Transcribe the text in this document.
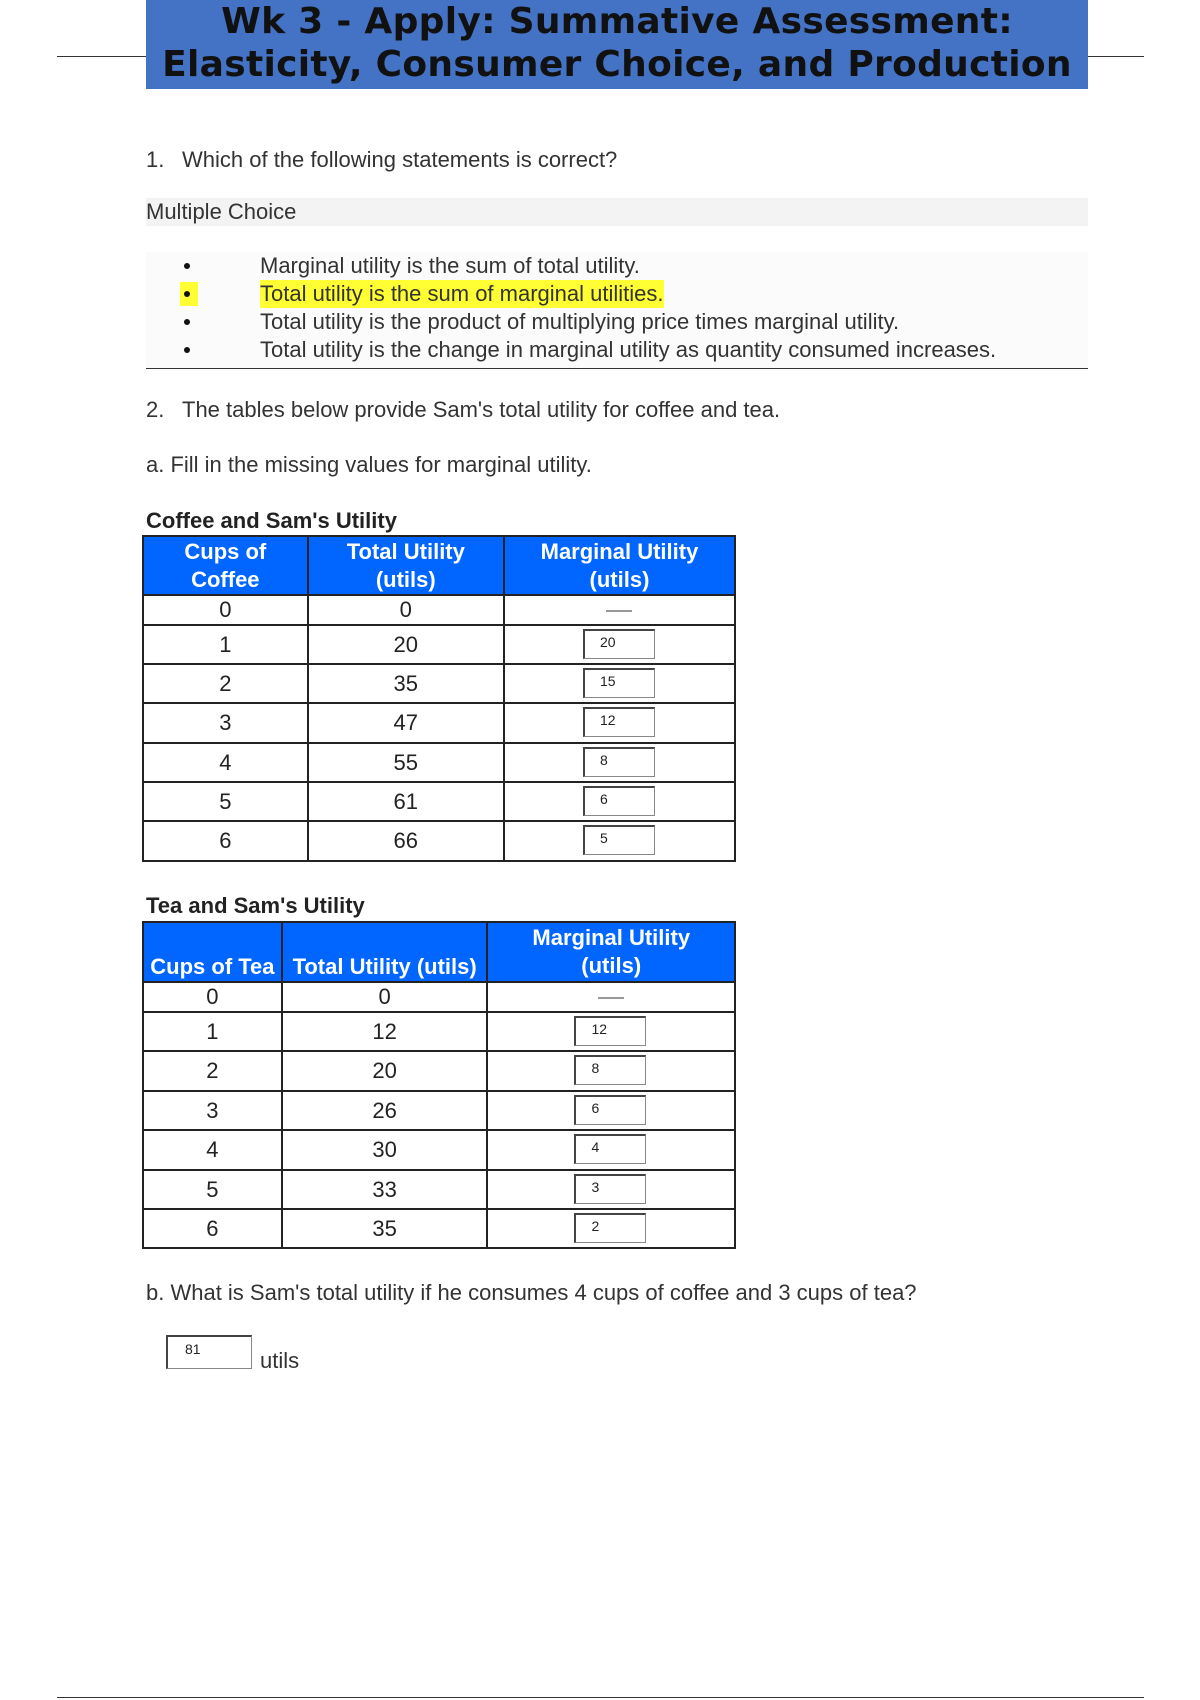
Wk 3 - Apply: Summative Assessment:
Elasticity, Consumer Choice, and Production
1. Which of the following statements is correct?
Multiple Choice
Marginal utility is the sum of total utility.
Total utility is the sum of marginal utilities.
Total utility is the product of multiplying price times marginal utility.
Total utility is the change in marginal utility as quantity consumed increases.
2. The tables below provide Sam's total utility for coffee and tea.
a. Fill in the missing values for marginal utility.
Coffee and Sam's Utility
Cups of Coffee	Total Utility (utils)	Marginal Utility (utils)
0	0	
1	20	20

2	35	15

3	47	12

4	55	8

5	61	6

6	66	5
Tea and Sam's Utility
Cups of Tea	Total Utility (utils)	Marginal Utility (utils)
0	0	
1	12	12

2	20	8

3	26	6

4	30	4

5	33	3

6	35	2
b. What is Sam's total utility if he consumes 4 cups of coffee and 3 cups of tea?
81	utils
